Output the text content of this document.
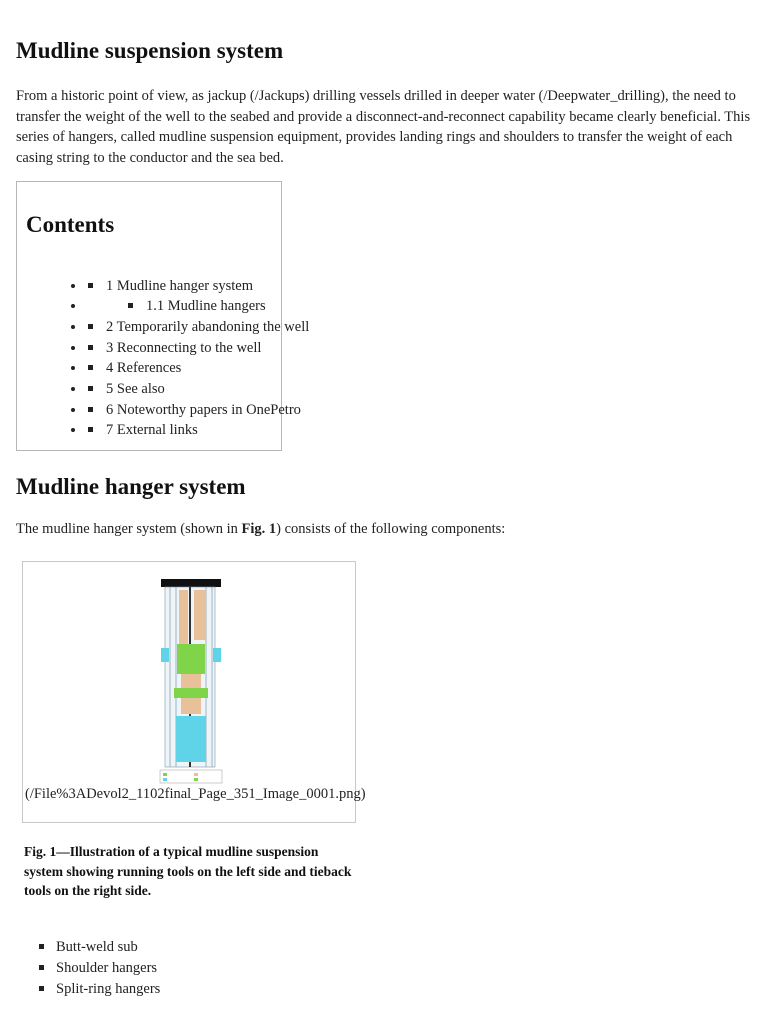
Mudline suspension system

From a historic point of view, as jackup (/Jackups) drilling vessels drilled in deeper water (/Deepwater_drilling), the need to transfer the weight of the well to the seabed and provide a disconnect-and-reconnect capability became clearly beneficial. This series of hangers, called mudline suspension equipment, provides landing rings and shoulders to transfer the weight of each casing string to the conductor and the sea bed.

Contents
• 1 Mudline hanger system
• 1.1 Mudline hangers
• 2 Temporarily abandoning the well
• 3 Reconnecting to the well
• 4 References
• 5 See also
• 6 Noteworthy papers in OnePetro
• 7 External links
Mudline hanger system

The mudline hanger system (shown in Fig. 1) consists of the following components:

(/File%3ADevol2_1102final_Page_351_Image_0001.png)
Fig. 1—Illustration of a typical mudline suspension system showing running tools on the left side and tieback tools on the right side.
Butt-weld sub
Shoulder hangers
Split-ring hangers
